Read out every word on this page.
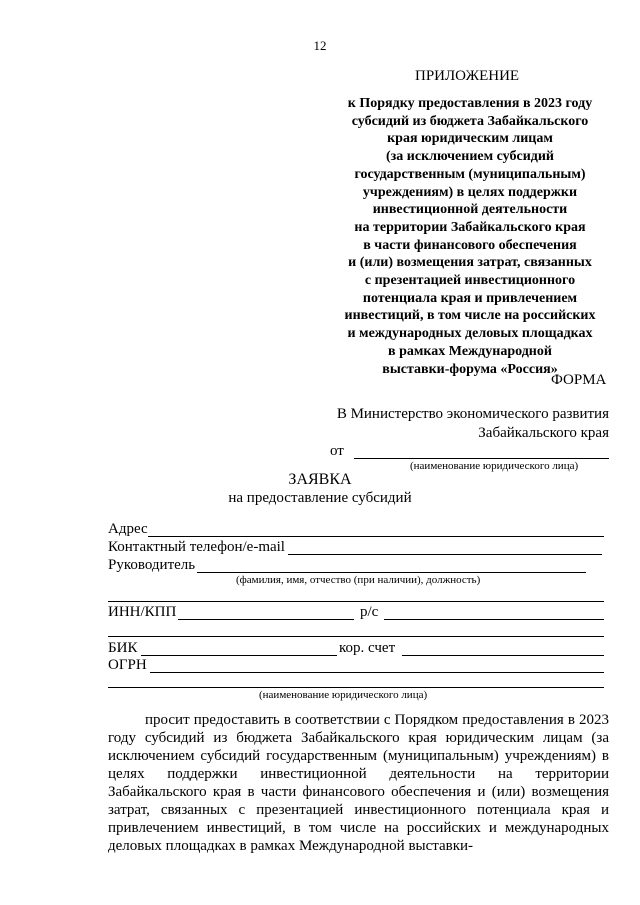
12
ПРИЛОЖЕНИЕ
к Порядку предоставления в 2023 году
субсидий из бюджета Забайкальского
края юридическим лицам
(за исключением субсидий
государственным (муниципальным)
учреждениям) в целях поддержки
инвестиционной деятельности
на территории Забайкальского края
в части финансового обеспечения
и (или) возмещения затрат, связанных
с презентацией инвестиционного
потенциала края и привлечением
инвестиций, в том числе на российских
и международных деловых площадках
в рамках Международной
выставки-форума «Россия»
ФОРМА
В Министерство экономического развития
Забайкальского края
от
(наименование юридического лица)
ЗАЯВКА
на предоставление субсидий
Адрес
Контактный телефон/e-mail
Руководитель
(фамилия, имя, отчество (при наличии), должность)
ИНН/КПП	р/с
БИК	кор. счет
ОГРН
(наименование юридического лица)

просит предоставить в соответствии с Порядком предоставления в 2023 году субсидий из бюджета Забайкальского края юридическим лицам (за исключением субсидий государственным (муниципальным) учреждениям) в целях поддержки инвестиционной деятельности на территории Забайкальского края в части финансового обеспечения и (или) возмещения затрат, связанных с презентацией инвестиционного потенциала края и привлечением инвестиций, в том числе на российских и международных деловых площадках в рамках Международной выставки-
